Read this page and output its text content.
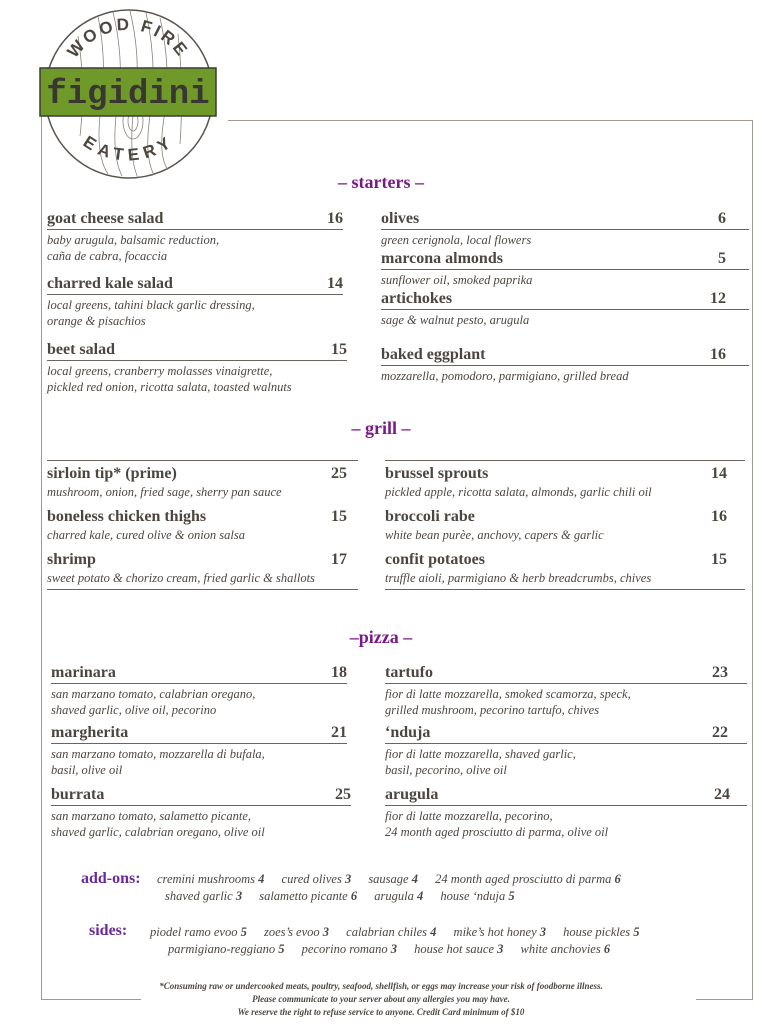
WOOD FIRE
EATERY
figidini
– starters –
– grill –
–pizza –
goat cheese salad	16
baby arugula, balsamic reduction,
caña de cabra, focaccia
charred kale salad	14
local greens, tahini black garlic dressing,
orange & pisachios
beet salad	15
local greens, cranberry molasses vinaigrette,
pickled red onion, ricotta salata, toasted walnuts
olives	6
green cerignola, local flowers
marcona almonds	5
sunflower oil, smoked paprika
artichokes	12
sage & walnut pesto, arugula
baked eggplant	16
mozzarella, pomodoro, parmigiano, grilled bread
sirloin tip* (prime)	25
mushroom, onion, fried sage, sherry pan sauce
boneless chicken thighs	15
charred kale, cured olive & onion salsa
shrimp	17
sweet potato & chorizo cream, fried garlic & shallots
brussel sprouts	14
pickled apple, ricotta salata, almonds, garlic chili oil
broccoli rabe	16
white bean purѐe, anchovy, capers & garlic
confit potatoes	15
truffle aioli, parmigiano & herb breadcrumbs, chives
marinara	18
san marzano tomato, calabrian oregano,
shaved garlic, olive oil, pecorino
margherita	21
san marzano tomato, mozzarella di bufala,
basil, olive oil
burrata	25
san marzano tomato, salametto picante,
shaved garlic, calabrian oregano, olive oil
tartufo	23
fior di latte mozzarella, smoked scamorza, speck,
grilled mushroom, pecorino tartufo, chives
‘nduja	22
fior di latte mozzarella, shaved garlic,
basil, pecorino, olive oil
arugula	24
fior di latte mozzarella, pecorino,
24 month aged prosciutto di parma, olive oil
add-ons: cremini mushrooms 4 cured olives 3 sausage 4 24 month aged prosciutto di parma 6
shaved garlic 3 salametto picante 6 arugula 4 house ‘nduja 5
sides: piodel ramo evoo 5 zoes’s evoo 3 calabrian chiles 4 mike’s hot honey 3 house pickles 5
parmigiano-reggiano 5 pecorino romano 3 house hot sauce 3 white anchovies 6
*Consuming raw or undercooked meats, poultry, seafood, shellfish, or eggs may increase your risk of foodborne illness.
Please communicate to your server about any allergies you may have.
We reserve the right to refuse service to anyone. Credit Card minimum of $10
